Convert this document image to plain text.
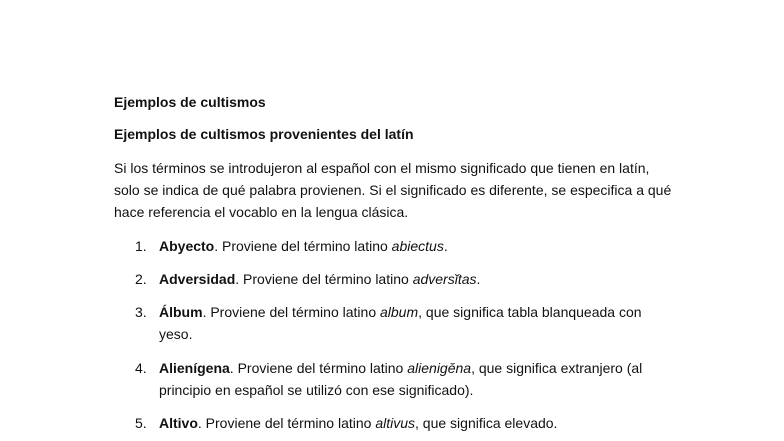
Ejemplos de cultismos

Ejemplos de cultismos provenientes del latín

Si los términos se introdujeron al español con el mismo significado que tienen en latín, solo se indica de qué palabra provienen. Si el significado es diferente, se especifica a qué hace referencia el vocablo en la lengua clásica.

1. Abyecto. Proviene del término latino abiectus.
2. Adversidad. Proviene del término latino adversĭtas.
3. Álbum. Proviene del término latino album, que significa tabla blanqueada con yeso.
4. Alienígena. Proviene del término latino alienigĕna, que significa extranjero (al principio en español se utilizó con ese significado).
5. Altivo. Proviene del término latino altivus, que significa elevado.
